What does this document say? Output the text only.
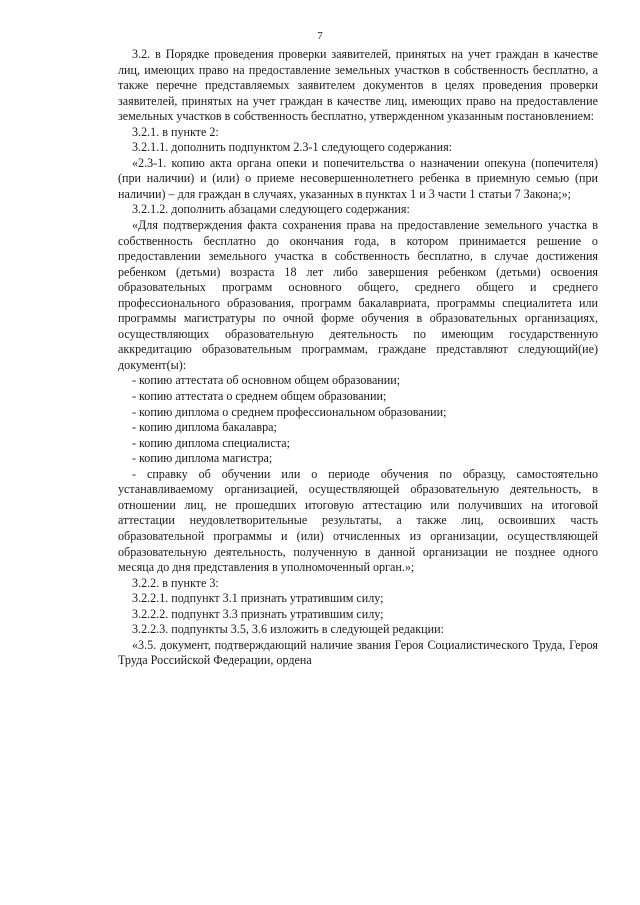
7

3.2. в Порядке проведения проверки заявителей, принятых на учет граждан в качестве лиц, имеющих право на предоставление земельных участков в собственность бесплатно, а также перечне представляемых заявителем документов в целях проведения проверки заявителей, принятых на учет граждан в качестве лиц, имеющих право на предоставление земельных участков в собственность бесплатно, утвержденном указанным постановлением:

3.2.1. в пункте 2:

3.2.1.1. дополнить подпунктом 2.3-1 следующего содержания:

«2.3-1. копию акта органа опеки и попечительства о назначении опекуна (попечителя) (при наличии) и (или) о приеме несовершеннолетнего ребенка в приемную семью (при наличии) – для граждан в случаях, указанных в пунктах 1 и 3 части 1 статьи 7 Закона;»;

3.2.1.2. дополнить абзацами следующего содержания:

«Для подтверждения факта сохранения права на предоставление земельного участка в собственность бесплатно до окончания года, в котором принимается решение о предоставлении земельного участка в собственность бесплатно, в случае достижения ребенком (детьми) возраста 18 лет либо завершения ребенком (детьми) освоения образовательных программ основного общего, среднего общего и среднего профессионального образования, программ бакалавриата, программы специалитета или программы магистратуры по очной форме обучения в образовательных организациях, осуществляющих образовательную деятельность по имеющим государственную аккредитацию образовательным программам, граждане представляют следующий(ие) документ(ы):

- копию аттестата об основном общем образовании;

- копию аттестата о среднем общем образовании;

- копию диплома о среднем профессиональном образовании;

- копию диплома бакалавра;

- копию диплома специалиста;

- копию диплома магистра;

- справку об обучении или о периоде обучения по образцу, самостоятельно устанавливаемому организацией, осуществляющей образовательную деятельность, в отношении лиц, не прошедших итоговую аттестацию или получивших на итоговой аттестации неудовлетворительные результаты, а также лиц, освоивших часть образовательной программы и (или) отчисленных из организации, осуществляющей образовательную деятельность, полученную в данной организации не позднее одного месяца до дня представления в уполномоченный орган.»;

3.2.2. в пункте 3:

3.2.2.1. подпункт 3.1 признать утратившим силу;

3.2.2.2. подпункт 3.3 признать утратившим силу;

3.2.2.3. подпункты 3.5, 3.6 изложить в следующей редакции:

«3.5. документ, подтверждающий наличие звания Героя Социалистического Труда, Героя Труда Российской Федерации, ордена
